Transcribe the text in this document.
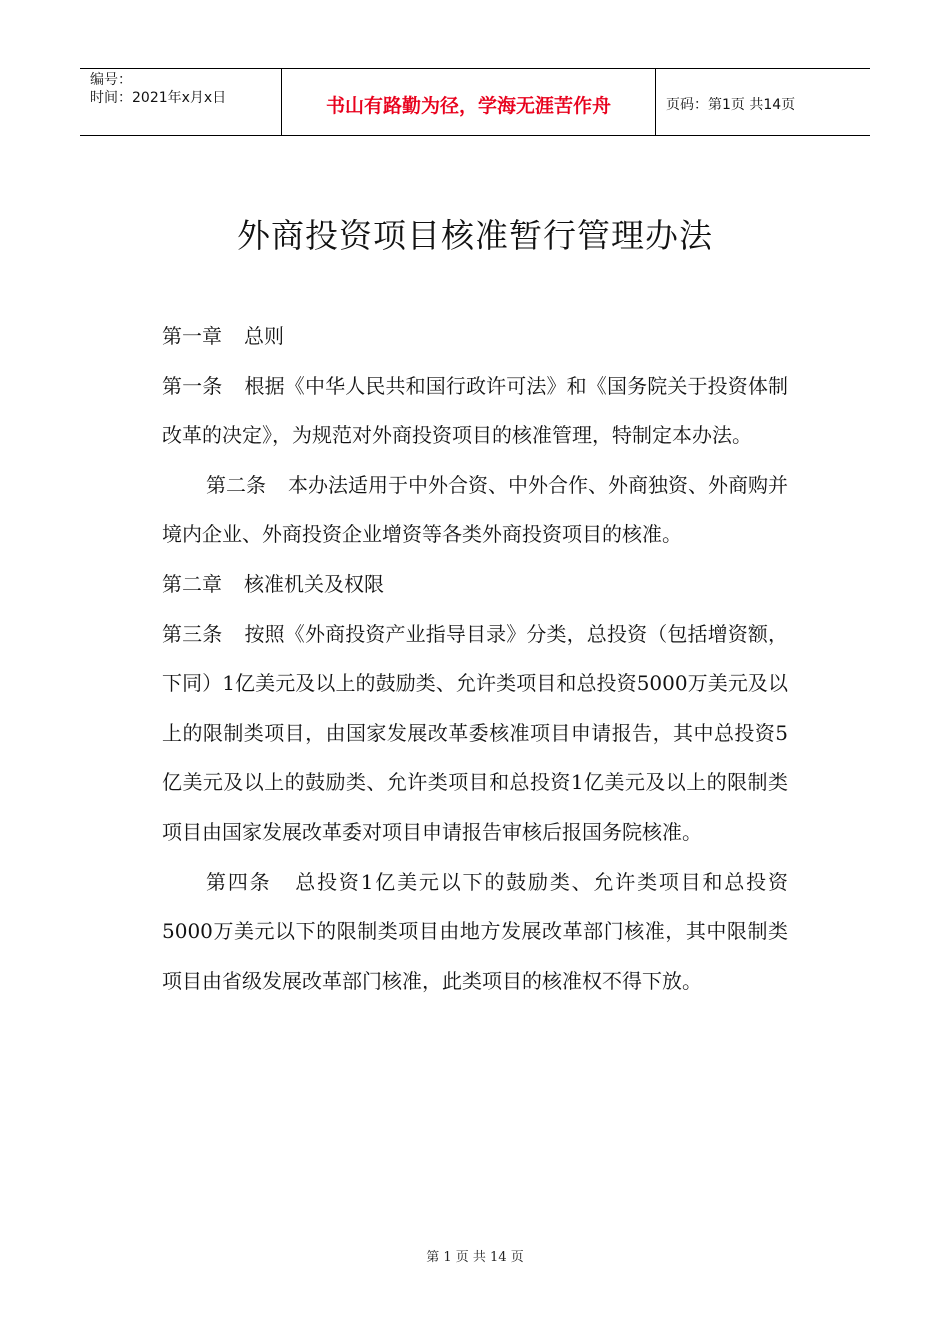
编号：
时间：2021年x月x日	书山有路勤为径，学海无涯苦作舟	页码：第1页 共14页
外商投资项目核准暂行管理办法

第一章 总则

第一条 根据《中华人民共和国行政许可法》和《国务院关于投资体制改革的决定》，为规范对外商投资项目的核准管理，特制定本办法。

第二条 本办法适用于中外合资、中外合作、外商独资、外商购并境内企业、外商投资企业增资等各类外商投资项目的核准。

第二章 核准机关及权限

第三条 按照《外商投资产业指导目录》分类，总投资（包括增资额，下同）1亿美元及以上的鼓励类、允许类项目和总投资5000万美元及以上的限制类项目，由国家发展改革委核准项目申请报告，其中总投资5亿美元及以上的鼓励类、允许类项目和总投资1亿美元及以上的限制类项目由国家发展改革委对项目申请报告审核后报国务院核准。

第四条 总投资1亿美元以下的鼓励类、允许类项目和总投资5000万美元以下的限制类项目由地方发展改革部门核准，其中限制类项目由省级发展改革部门核准，此类项目的核准权不得下放。

第 1 页 共 14 页
